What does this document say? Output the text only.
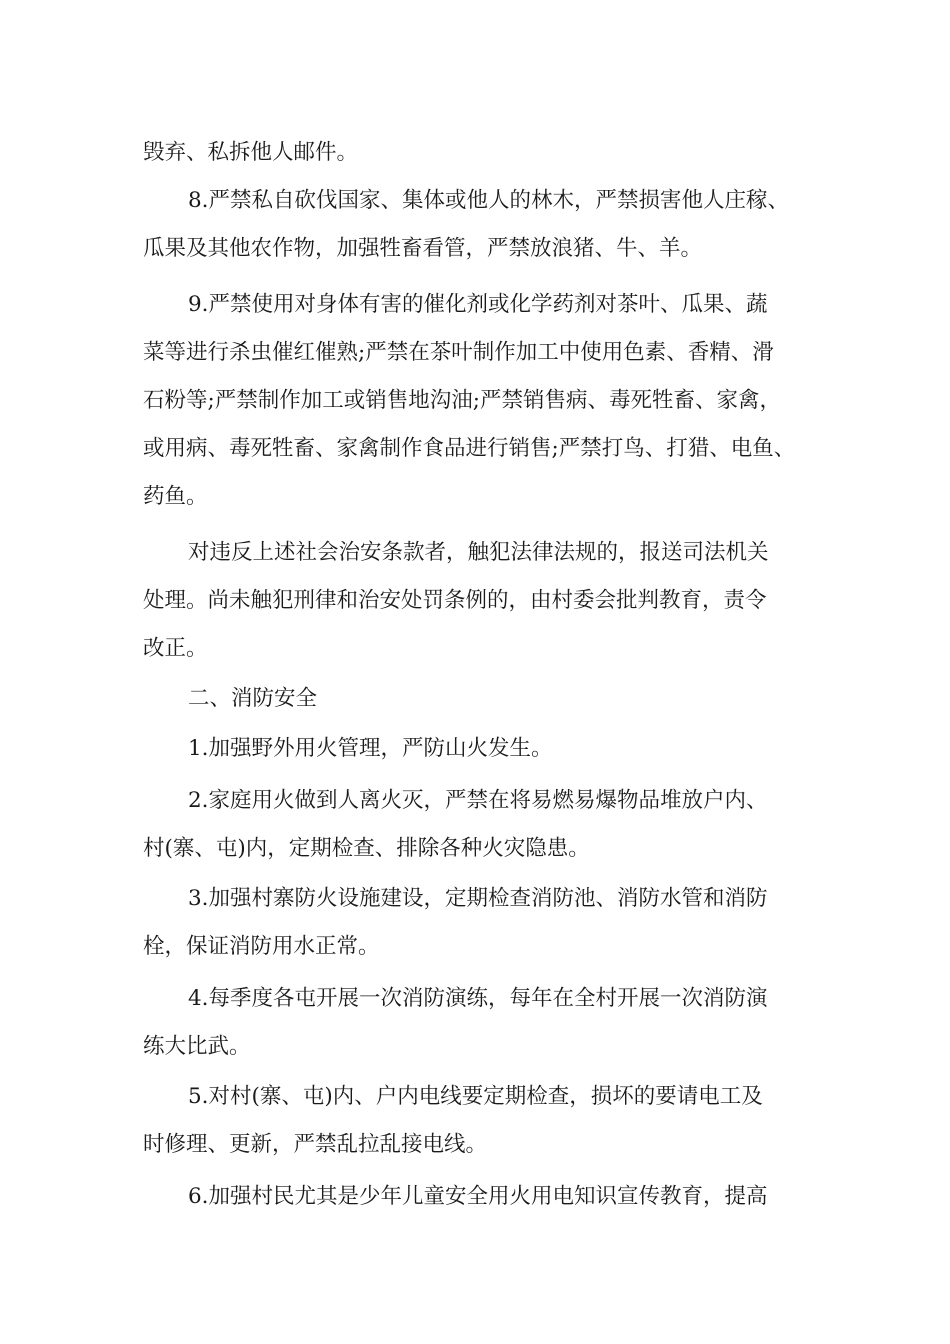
毁弃、私拆他人邮件。
8.严禁私自砍伐国家、集体或他人的林木，严禁损害他人庄稼、
瓜果及其他农作物，加强牲畜看管，严禁放浪猪、牛、羊。
9.严禁使用对身体有害的催化剂或化学药剂对茶叶、瓜果、蔬
菜等进行杀虫催红催熟;严禁在茶叶制作加工中使用色素、香精、滑
石粉等;严禁制作加工或销售地沟油;严禁销售病、毒死牲畜、家禽，
或用病、毒死牲畜、家禽制作食品进行销售;严禁打鸟、打猎、电鱼、
药鱼。
对违反上述社会治安条款者，触犯法律法规的，报送司法机关
处理。尚未触犯刑律和治安处罚条例的，由村委会批判教育，责令
改正。
二、消防安全
1.加强野外用火管理，严防山火发生。
2.家庭用火做到人离火灭，严禁在将易燃易爆物品堆放户内、
村(寨、屯)内，定期检查、排除各种火灾隐患。
3.加强村寨防火设施建设，定期检查消防池、消防水管和消防
栓，保证消防用水正常。
4.每季度各屯开展一次消防演练，每年在全村开展一次消防演
练大比武。
5.对村(寨、屯)内、户内电线要定期检查，损坏的要请电工及
时修理、更新，严禁乱拉乱接电线。
6.加强村民尤其是少年儿童安全用火用电知识宣传教育，提高
